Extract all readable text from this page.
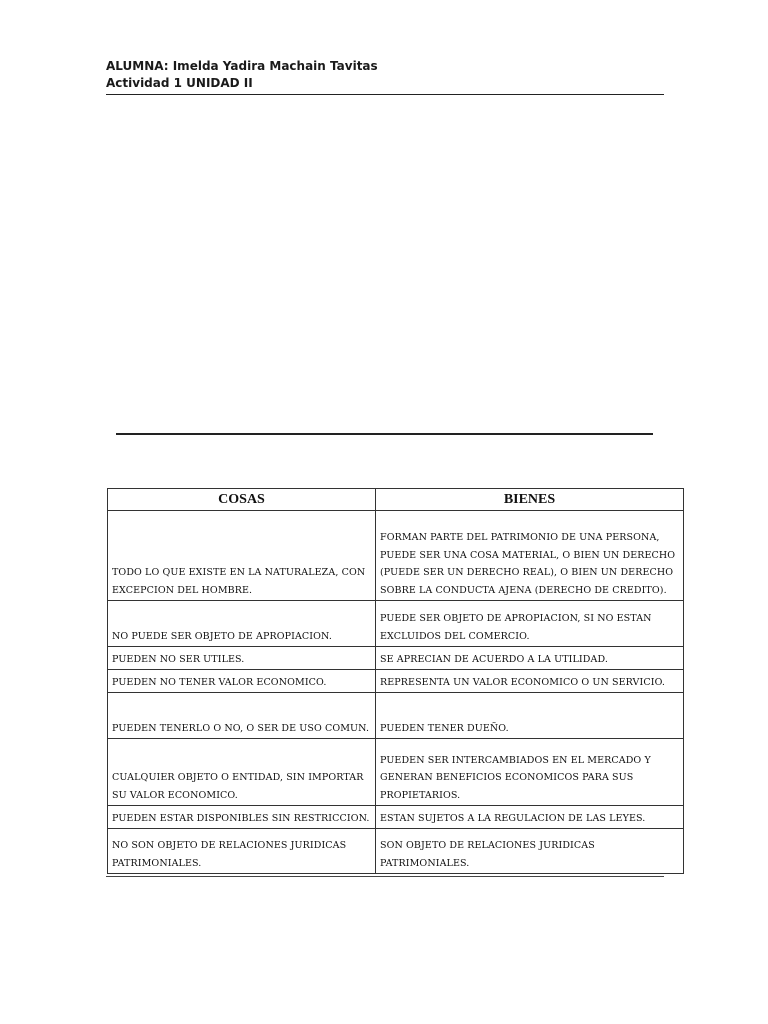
ALUMNA: Imelda Yadira Machain Tavitas
Actividad 1 UNIDAD II
COSAS	BIENES
TODO LO QUE EXISTE EN LA NATURALEZA, CON EXCEPCION DEL HOMBRE.	FORMAN PARTE DEL PATRIMONIO DE UNA PERSONA, PUEDE SER UNA COSA MATERIAL, O BIEN UN DERECHO (PUEDE SER UN DERECHO REAL), O BIEN UN DERECHO SOBRE LA CONDUCTA AJENA (DERECHO DE CREDITO).
NO PUEDE SER OBJETO DE APROPIACION.	PUEDE SER OBJETO DE APROPIACION, SI NO ESTAN EXCLUIDOS DEL COMERCIO.
PUEDEN NO SER UTILES.	SE APRECIAN DE ACUERDO A LA UTILIDAD.
PUEDEN NO TENER VALOR ECONOMICO.	REPRESENTA UN VALOR ECONOMICO O UN SERVICIO.
PUEDEN TENERLO O NO, O SER DE USO COMUN.	PUEDEN TENER DUEÑO.
CUALQUIER OBJETO O ENTIDAD, SIN IMPORTAR SU VALOR ECONOMICO.	PUEDEN SER INTERCAMBIADOS EN EL MERCADO Y GENERAN BENEFICIOS ECONOMICOS PARA SUS PROPIETARIOS.
PUEDEN ESTAR DISPONIBLES SIN RESTRICCION.	ESTAN SUJETOS A LA REGULACION DE LAS LEYES.
NO SON OBJETO DE RELACIONES JURIDICAS PATRIMONIALES.	SON OBJETO DE RELACIONES JURIDICAS PATRIMONIALES.
